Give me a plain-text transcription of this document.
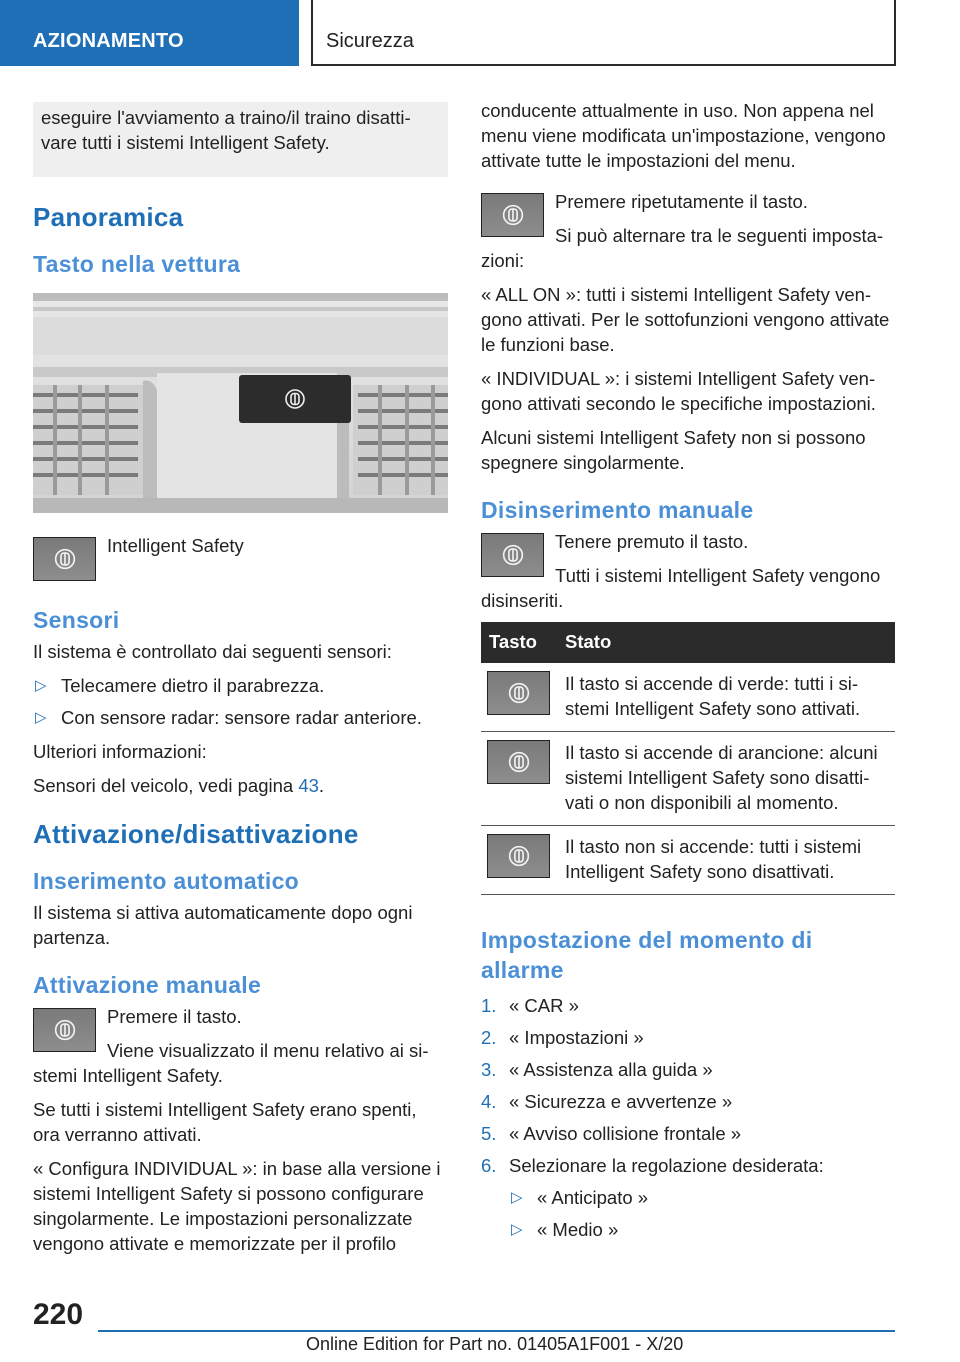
AZIONAMENTO	Sicurezza
eseguire l'avviamento a traino/il traino disattivare tutti i sistemi Intelligent Safety.
Panoramica
Tasto nella vettura

Intelligent Safety

Sensori

Il sistema è controllato dai seguenti sensori:

▷ Telecamere dietro il parabrezza.
▷ Con sensore radar: sensore radar anteriore.

Ulteriori informazioni:

Sensori del veicolo, vedi pagina 43.

Attivazione/disattivazione
Inserimento automatico

Il sistema si attiva automaticamente dopo ogni partenza.

Attivazione manuale

Premere il tasto.

Viene visualizzato il menu relativo ai sistemi Intelligent Safety.

Se tutti i sistemi Intelligent Safety erano spenti, ora verranno attivati.

« Configura INDIVIDUAL »: in base alla versione i sistemi Intelligent Safety si possono configurare singolarmente. Le impostazioni personalizzate vengono attivate e memorizzate per il profilo

conducente attualmente in uso. Non appena nel menu viene modificata un'impostazione, vengono attivate tutte le impostazioni del menu.

Premere ripetutamente il tasto.

Si può alternare tra le seguenti impostazioni:

« ALL ON »: tutti i sistemi Intelligent Safety vengono attivati. Per le sottofunzioni vengono attivate le funzioni base.

« INDIVIDUAL »: i sistemi Intelligent Safety vengono attivati secondo le specifiche impostazioni.

Alcuni sistemi Intelligent Safety non si possono spegnere singolarmente.

Disinserimento manuale

Tenere premuto il tasto.

Tutti i sistemi Intelligent Safety vengono disinseriti.

Tasto	Stato

	Il tasto si accende di verde: tutti i sistemi Intelligent Safety sono attivati.

	Il tasto si accende di arancione: alcuni sistemi Intelligent Safety sono disattivati o non disponibili al momento.

	Il tasto non si accende: tutti i sistemi Intelligent Safety sono disattivati.
Impostazione del momento di allarme
1. « CAR »
2. « Impostazioni »
3. « Assistenza alla guida »
4. « Sicurezza e avvertenze »
5. « Avviso collisione frontale »
6. Selezionare la regolazione desiderata:
▷ « Anticipato »
▷ « Medio »
220
Online Edition for Part no. 01405A1F001 - X/20
